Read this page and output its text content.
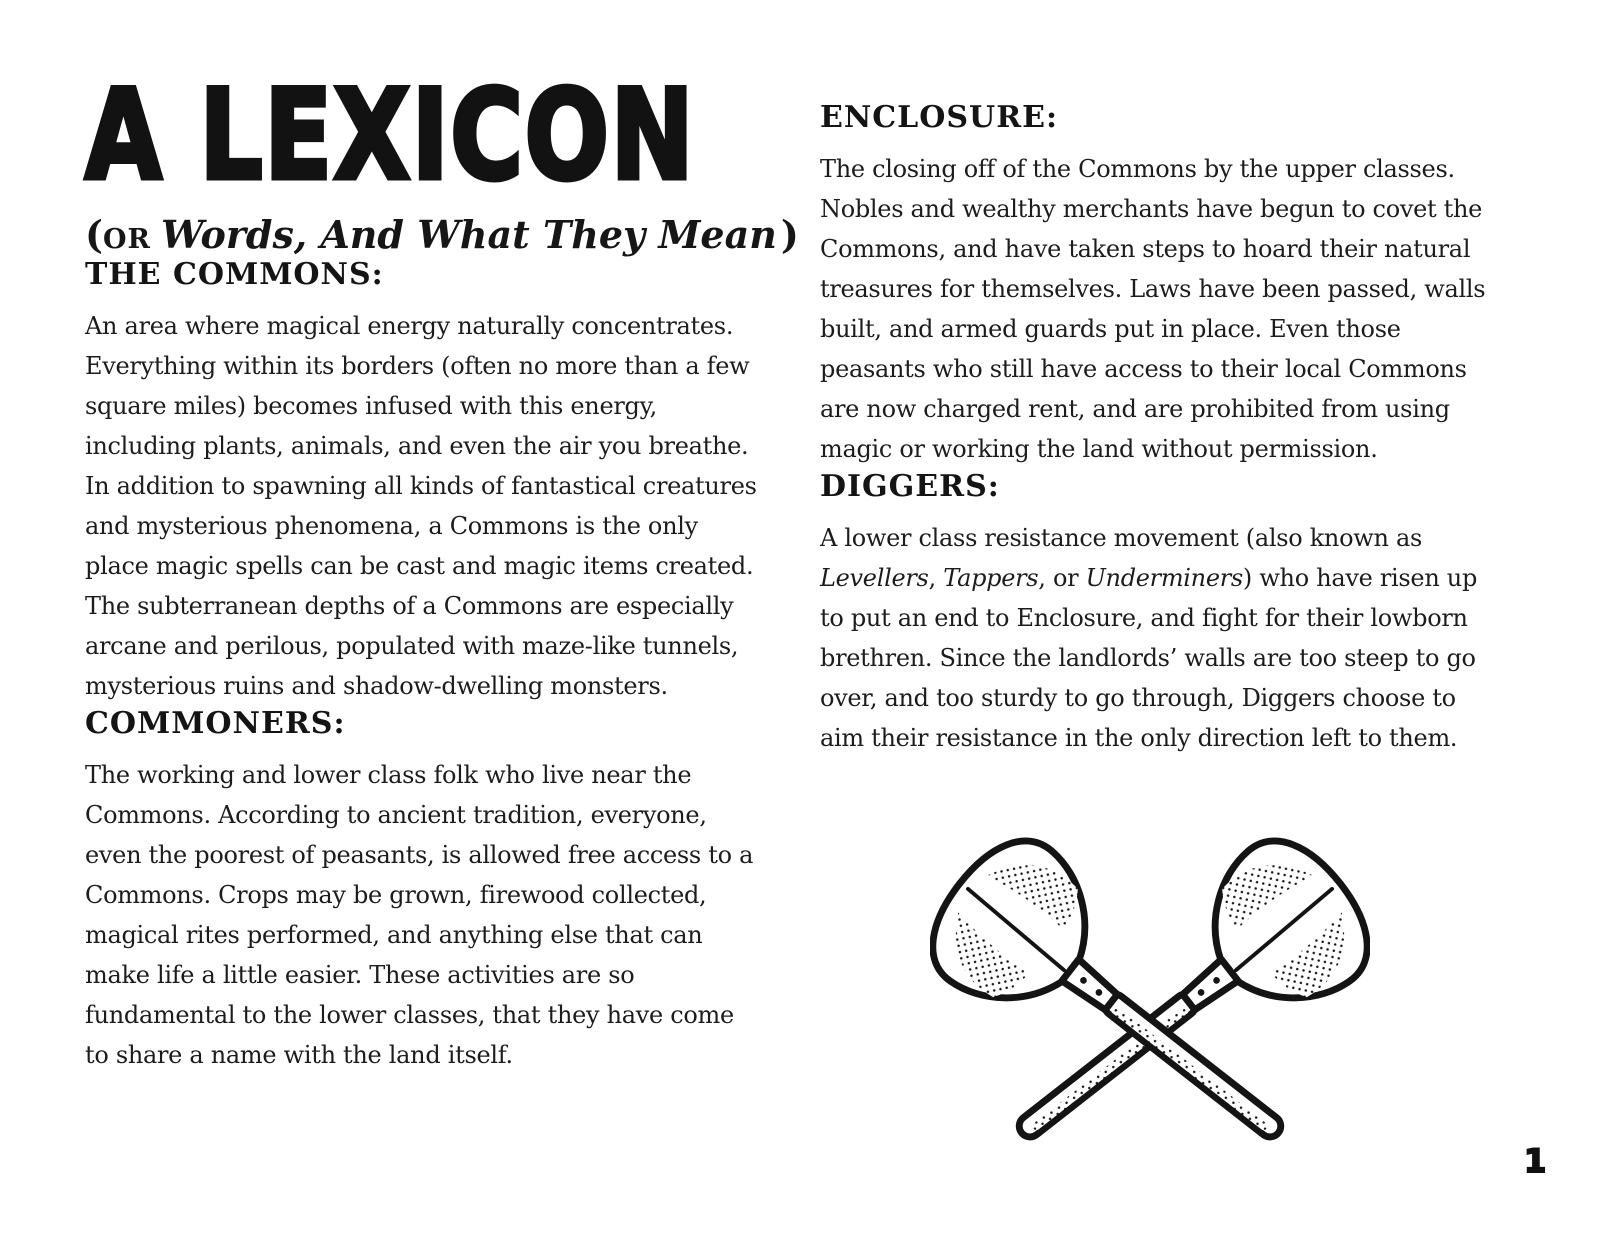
A LEXICON
(OR Words, And What They Mean )
THE COMMONS:

An area where magical energy naturally concentrates. Everything within its borders (often no more than a few square miles) becomes infused with this energy, including plants, animals, and even the air you breathe. In addition to spawning all kinds of fantastical creatures and mysterious phenomena, a Commons is the only place magic spells can be cast and magic items created. The subterranean depths of a Commons are especially arcane and perilous, populated with maze-like tunnels, mysterious ruins and shadow-dwelling monsters.

COMMONERS:

The working and lower class folk who live near the Commons. According to ancient tradition, everyone, even the poorest of peasants, is allowed free access to a Commons. Crops may be grown, firewood collected, magical rites performed, and anything else that can make life a little easier. These activities are so fundamental to the lower classes, that they have come to share a name with the land itself.

ENCLOSURE:

The closing off of the Commons by the upper classes. Nobles and wealthy merchants have begun to covet the Commons, and have taken steps to hoard their natural treasures for themselves. Laws have been passed, walls built, and armed guards put in place. Even those peasants who still have access to their local Commons are now charged rent, and are prohibited from using magic or working the land without permission.

DIGGERS:

A lower class resistance movement (also known as Levellers, Tappers, or Underminers) who have risen up to put an end to Enclosure, and fight for their lowborn brethren. Since the landlords’ walls are too steep to go over, and too sturdy to go through, Diggers choose to aim their resistance in the only direction left to them.

1
